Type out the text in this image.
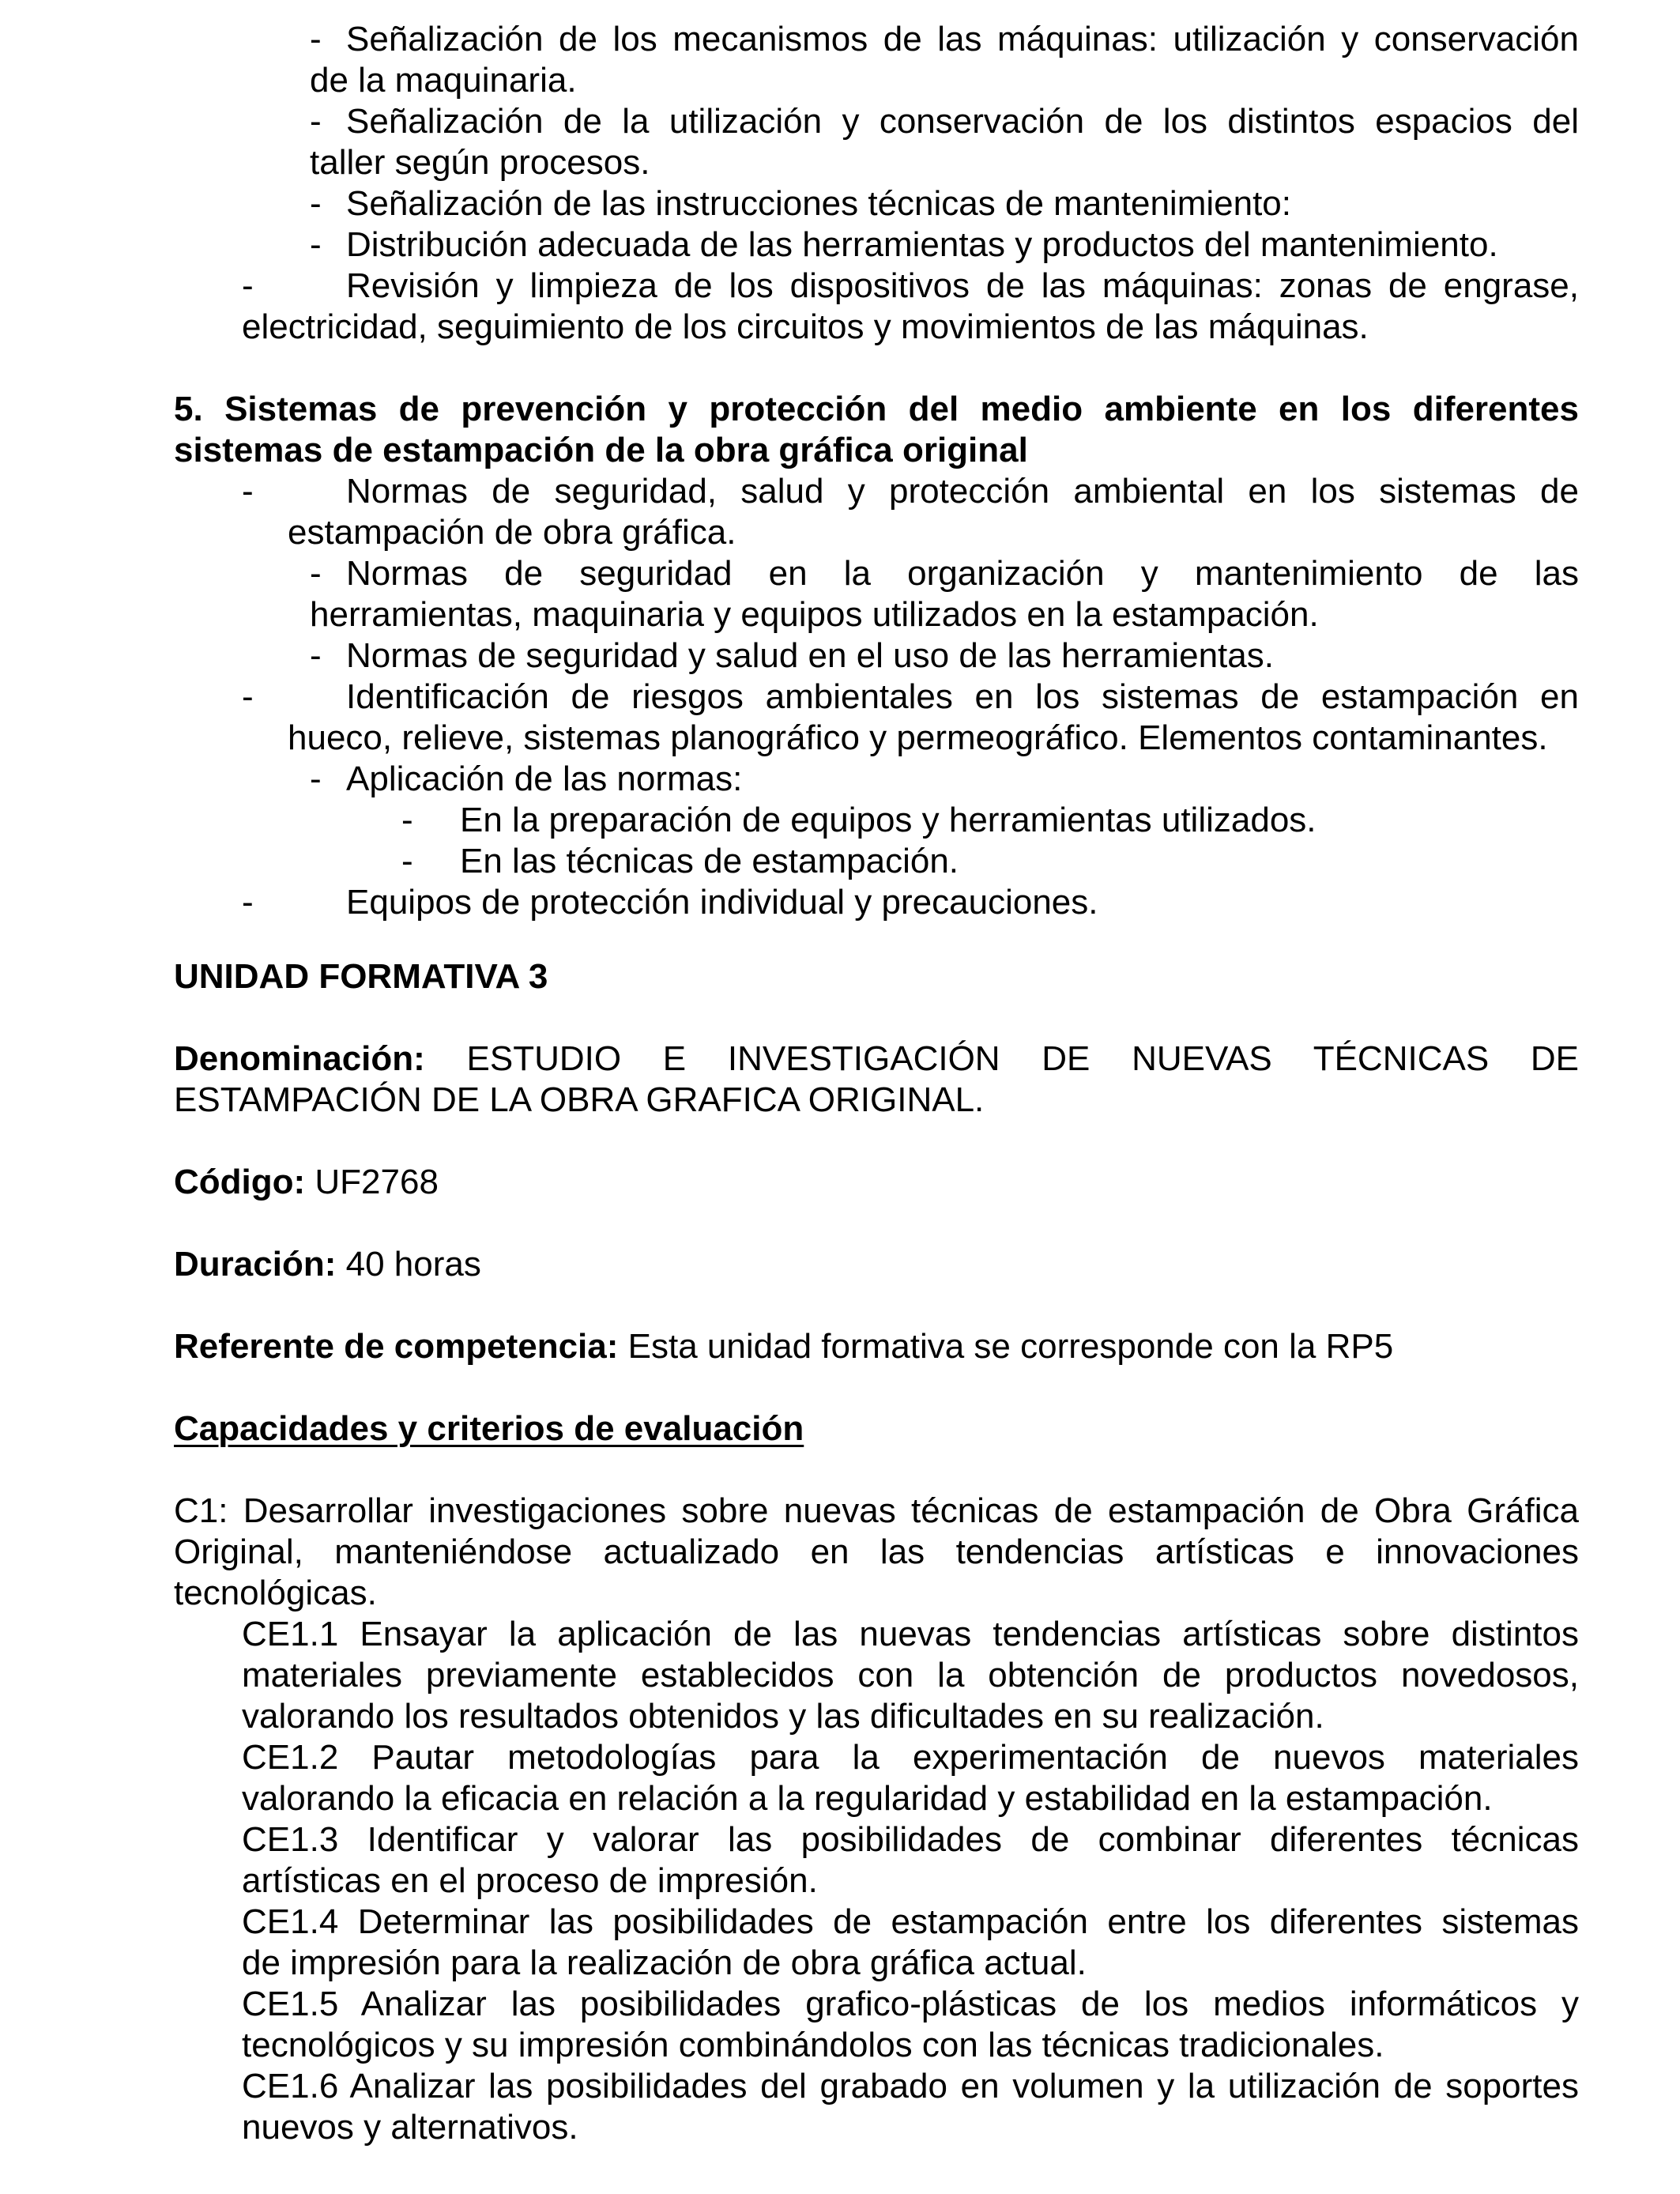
- Señalización de los mecanismos de las máquinas: utilización y conservación
de la maquinaria.
- Señalización de la utilización y conservación de los distintos espacios del
taller según procesos.
- Señalización de las instrucciones técnicas de mantenimiento:
- Distribución adecuada de las herramientas y productos del mantenimiento.
-	Revisión y limpieza de los dispositivos de las máquinas: zonas de engrase,
electricidad, seguimiento de los circuitos y movimientos de las máquinas.
5. Sistemas de prevención y protección del medio ambiente en los diferentes
sistemas de estampación de la obra gráfica original
-	Normas de seguridad, salud y protección ambiental en los sistemas de
estampación de obra gráfica.
- Normas de seguridad en la organización y mantenimiento de las
herramientas, maquinaria y equipos utilizados en la estampación.
- Normas de seguridad y salud en el uso de las herramientas.
-	Identificación de riesgos ambientales en los sistemas de estampación en
hueco, relieve, sistemas planográfico y permeográfico. Elementos contaminantes.
- Aplicación de las normas:
- En la preparación de equipos y herramientas utilizados.
- En las técnicas de estampación.
-	Equipos de protección individual y precauciones.
UNIDAD FORMATIVA 3
Denominación: ESTUDIO E INVESTIGACIÓN DE NUEVAS TÉCNICAS DE
ESTAMPACIÓN DE LA OBRA GRAFICA ORIGINAL.
Código: UF2768
Duración: 40 horas
Referente de competencia: Esta unidad formativa se corresponde con la RP5
Capacidades y criterios de evaluación
C1: Desarrollar investigaciones sobre nuevas técnicas de estampación de Obra Gráfica
Original, manteniéndose actualizado en las tendencias artísticas e innovaciones
tecnológicas.
CE1.1 Ensayar la aplicación de las nuevas tendencias artísticas sobre distintos
materiales previamente establecidos con la obtención de productos novedosos,
valorando los resultados obtenidos y las dificultades en su realización.
CE1.2 Pautar metodologías para la experimentación de nuevos materiales
valorando la eficacia en relación a la regularidad y estabilidad en la estampación.
CE1.3 Identificar y valorar las posibilidades de combinar diferentes técnicas
artísticas en el proceso de impresión.
CE1.4 Determinar las posibilidades de estampación entre los diferentes sistemas
de impresión para la realización de obra gráfica actual.
CE1.5 Analizar las posibilidades grafico-plásticas de los medios informáticos y
tecnológicos y su impresión combinándolos con las técnicas tradicionales.
CE1.6 Analizar las posibilidades del grabado en volumen y la utilización de soportes
nuevos y alternativos.
